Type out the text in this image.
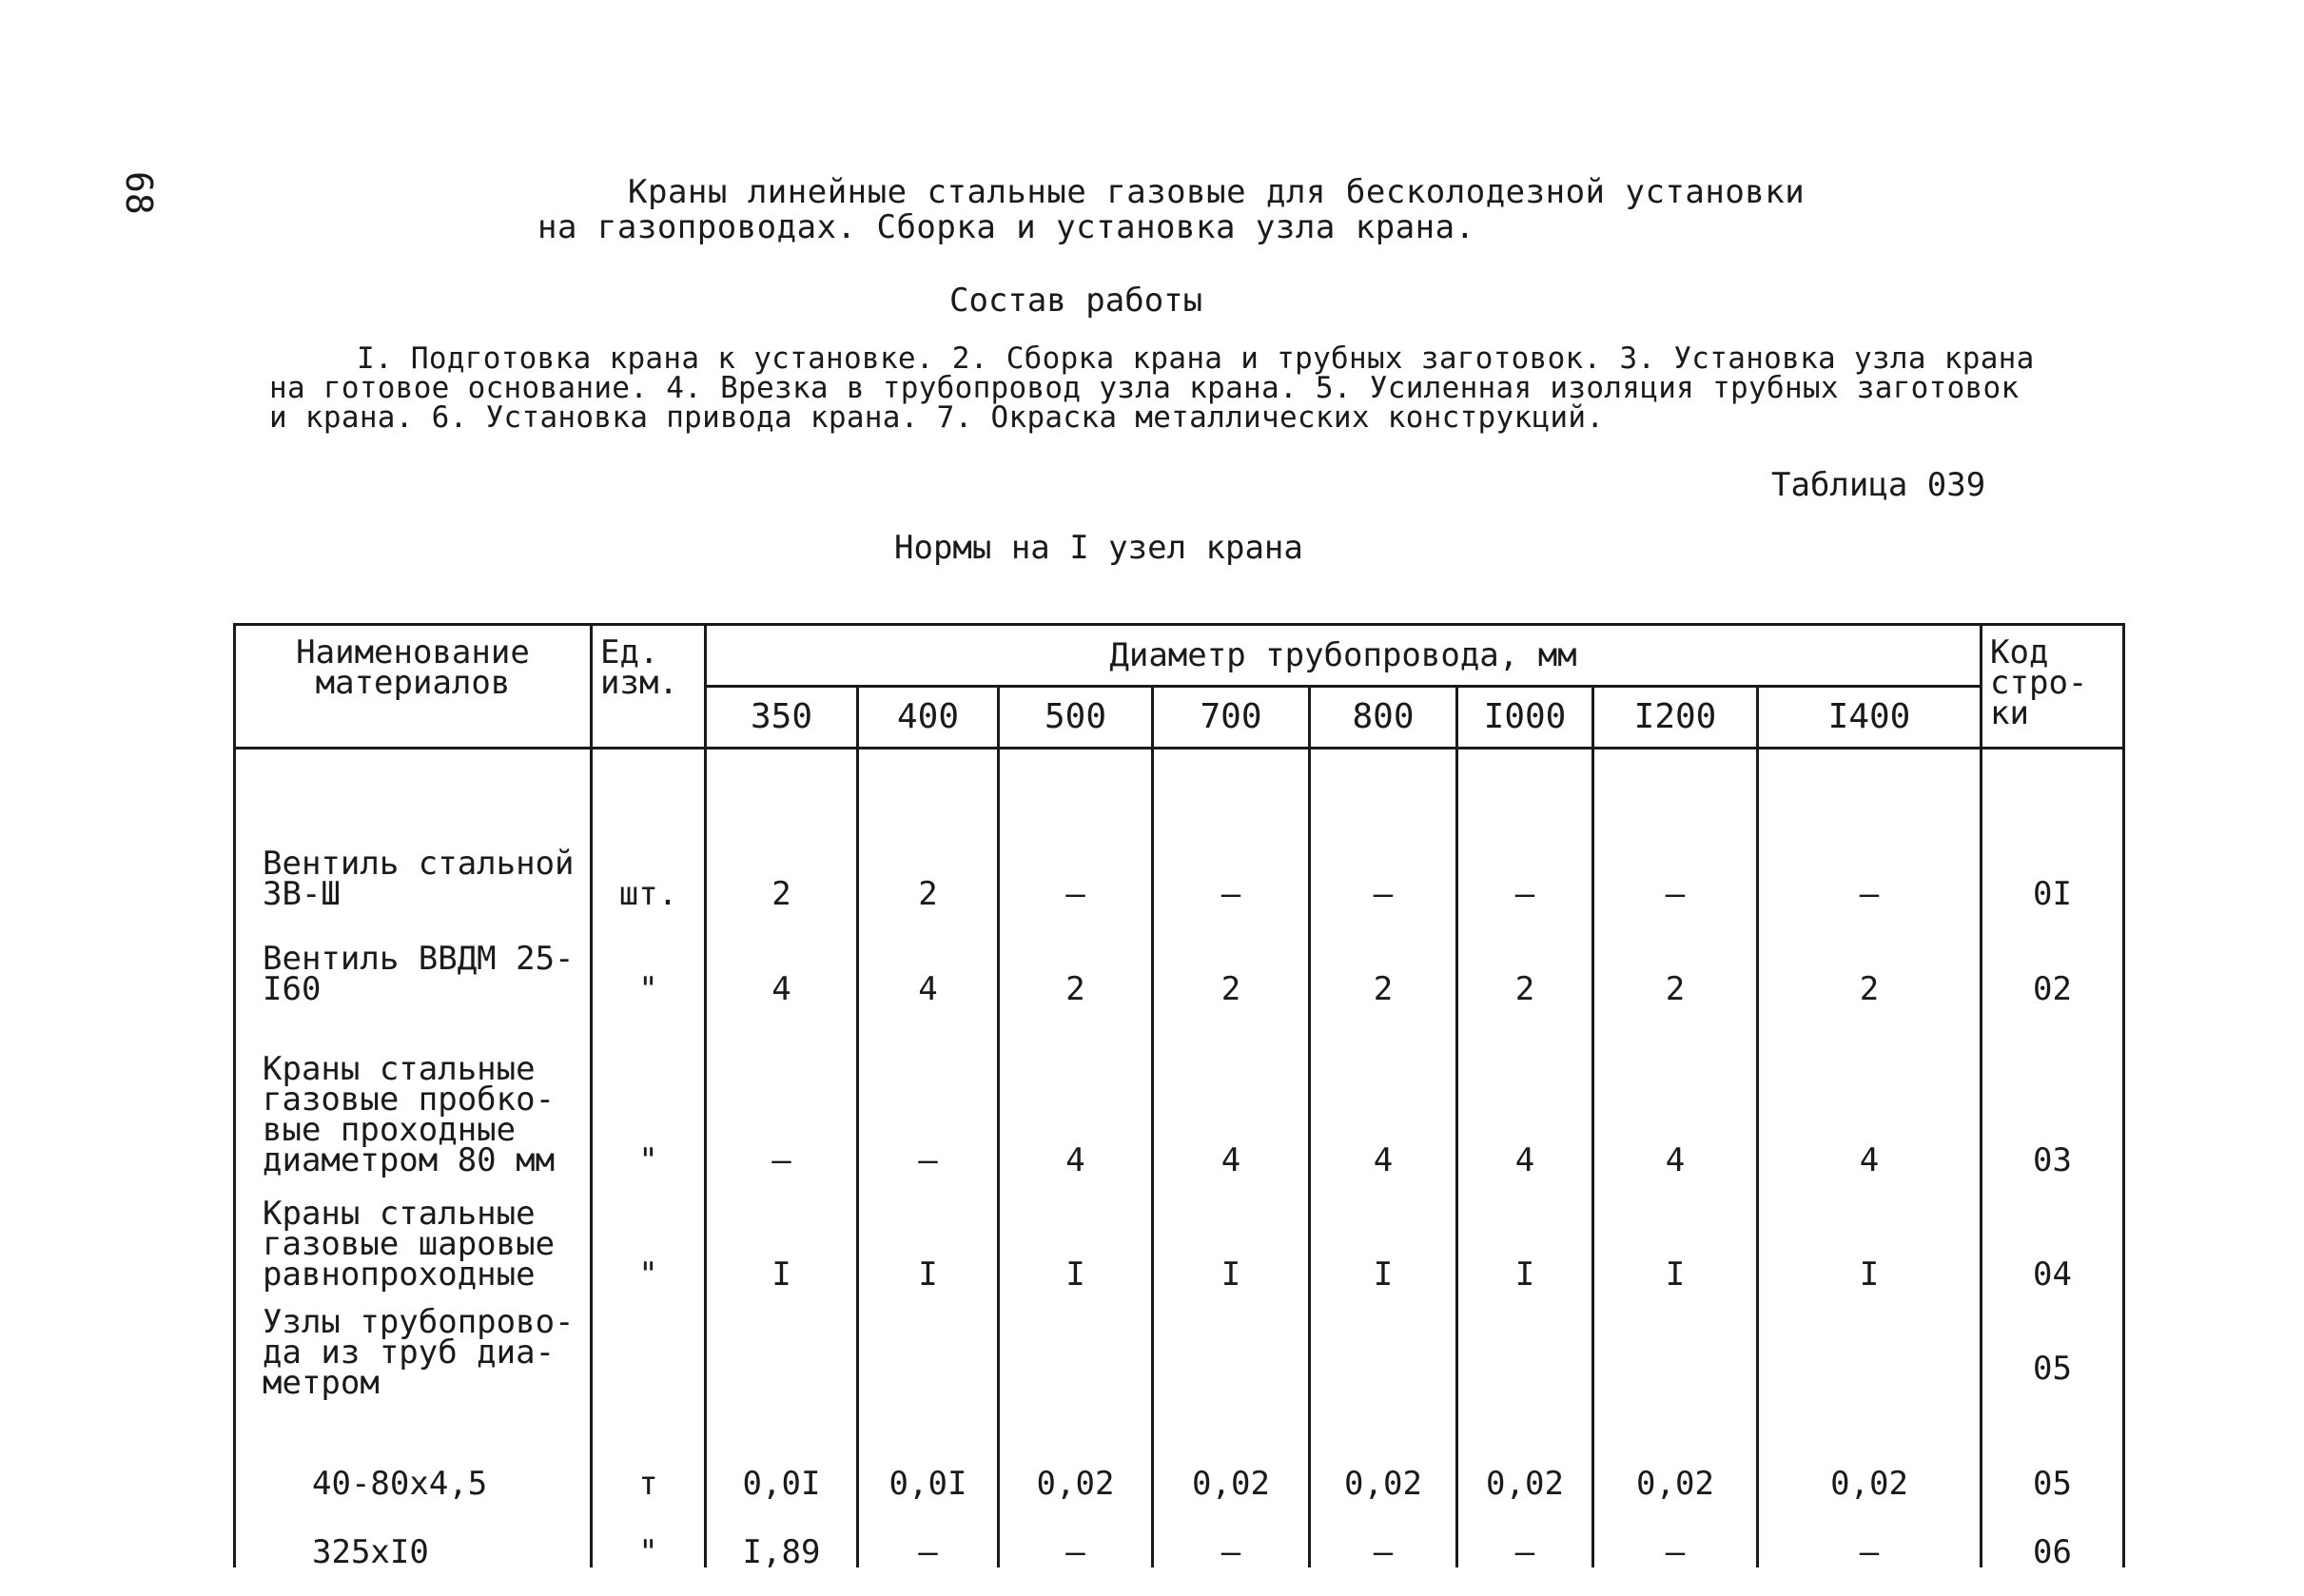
68	Краны линейные стальные газовые для бесколодезной установки
на газопроводах. Сборка и установка узла крана.
Состав работы
I. Подготовка крана к установке. 2. Сборка крана и трубных заготовок. 3. Установка узла крана
на готовое основание. 4. Врезка в трубопровод узла крана. 5. Усиленная изоляция трубных заготовок
и крана. 6. Установка привода крана. 7. Окраска металлических конструкций.
Таблица 039
Нормы на I узел крана
Наименование материалов	Ед. изм.	Диаметр трубопровода, мм								Код стро-ки
		350	400	500	700	800	I000	I200	I400	
Вентиль стальной 3В-Ш	шт.	2	2	–	–	–	–	–	–	0I
Вентиль ВВДМ 25-I60	"	4	4	2	2	2	2	2	2	02
Краны стальные газовые пробко-вые проходные диаметром 80 мм	"	–	–	4	4	4	4	4	4	03
Краны стальные газовые шаровые равнопроходные	"	I	I	I	I	I	I	I	I	04
Узлы трубопрово-да из труб диа-метром										05
40-80x4,5	т	0,0I	0,0I	0,02	0,02	0,02	0,02	0,02	0,02	05
325xI0	"	I,89	–	–	–	–	–	–	–	06
